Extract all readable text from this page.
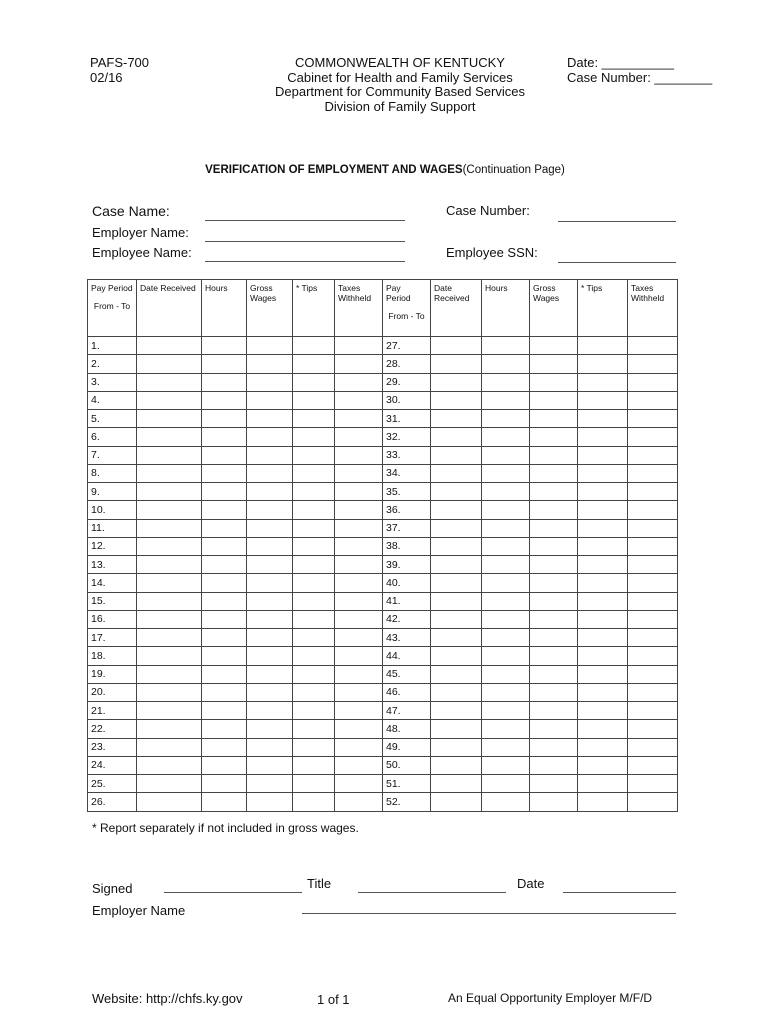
PAFS-700
02/16
COMMONWEALTH OF KENTUCKY
Cabinet for Health and Family Services
Department for Community Based Services
Division of Family Support
Date: __________
Case Number: ________
VERIFICATION OF EMPLOYMENT AND WAGES(Continuation Page)
Case Name:	Case Number:
Employer Name:
Employee Name:	Employee SSN:
Pay Period
From - To	Date Received	Hours	Gross Wages	* Tips	Taxes Withheld	Pay Period
From - To	Date Received	Hours	Gross Wages	* Tips	Taxes Withheld
1.						27.					
2.						28.					
3.						29.					
4.						30.					
5.						31.					
6.						32.					
7.						33.					
8.						34.					
9.						35.					
10.						36.					
11.						37.					
12.						38.					
13.						39.					
14.						40.					
15.						41.					
16.						42.					
17.						43.					
18.						44.					
19.						45.					
20.						46.					
21.						47.					
22.						48.					
23.						49.					
24.						50.					
25.						51.					
26.						52.					
* Report separately if not included in gross wages.
Signed	Title	Date
Employer Name
Website: http://chfs.ky.gov	1 of 1	An Equal Opportunity Employer M/F/D
